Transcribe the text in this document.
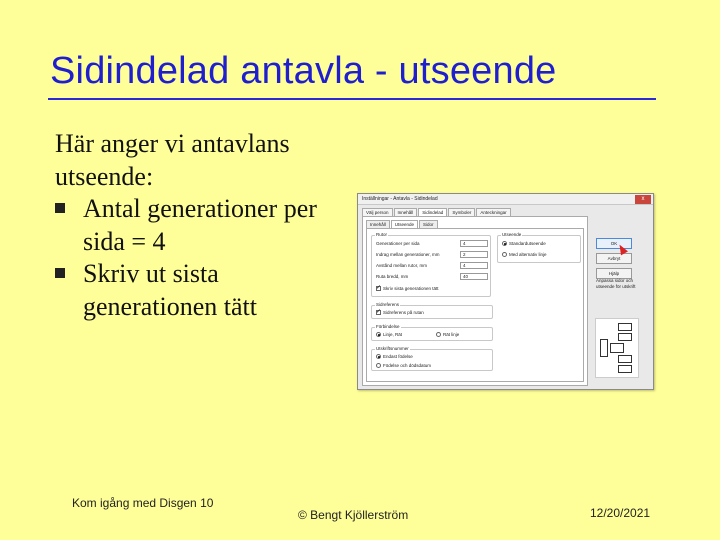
Sidindelad antavla - utseende
Här anger vi antavlans utseende:
Antal generationer per sida = 4
Skriv ut sista generationen tätt
Inställningar - Antavla - Sidindelad	x
Välj person	Innehåll	Sidindelad	Symboler	Anteckningar
Innehåll	Utseende	Sidor
Rutor
Generationer per sida	4
Indrag mellan generationer, mm	2
Avstånd mellan rutor, mm	4
Ruta bredd, mm	40
✓Skriv sista generationen tätt
Utseende
Standardutseende
Med alternativ linje
Sidreferens
✓Sidreferens på rutan
Förbindelse
Linje, Rät	Rät linje
Utskriftsnummer
Endast födelse
Födelse och dödsdatum
OK
Avbryt
Hjälp
Anpassa sidor och utseende för utskrift
Kom igång med Disgen 10
© Bengt Kjöllerström	12/20/2021
